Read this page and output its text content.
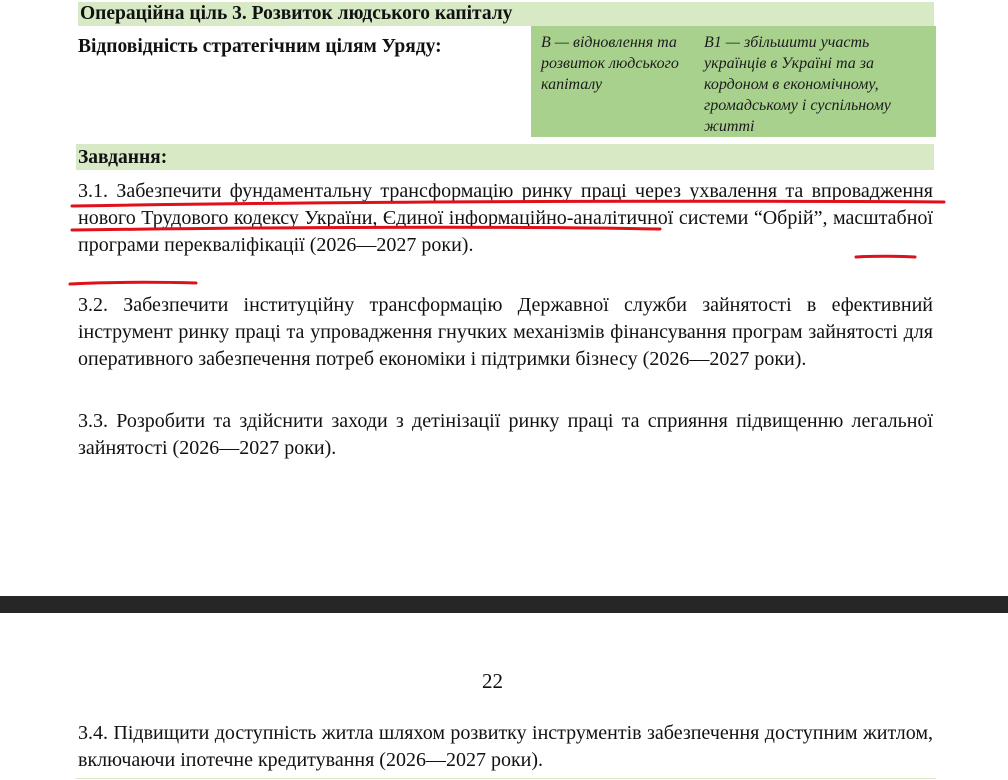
Операційна ціль 3. Розвиток людського капіталу
Відповідність стратегічним цілям Уряду:	В — відновлення та розвиток людського капіталу
В1 — збільшити участь українців в Україні та за кордоном в економічному, громадському і суспільному житті
Завдання:
3.1. Забезпечити фундаментальну трансформацію ринку праці через ухвалення та впровадження нового Трудового кодексу України, Єдиної інформаційно-аналітичної системи “Обрій”, масштабної програми перекваліфікації (2026—2027 роки).
3.2. Забезпечити інституційну трансформацію Державної служби зайнятості в ефективний інструмент ринку праці та упровадження гнучких механізмів фінансування програм зайнятості для оперативного забезпечення потреб економіки і підтримки бізнесу (2026—2027 роки).
3.3. Розробити та здійснити заходи з детінізації ринку праці та сприяння підвищенню легальної зайнятості (2026—2027 роки).
22
3.4. Підвищити доступність житла шляхом розвитку інструментів забезпечення доступним житлом, включаючи іпотечне кредитування (2026—2027 роки).
